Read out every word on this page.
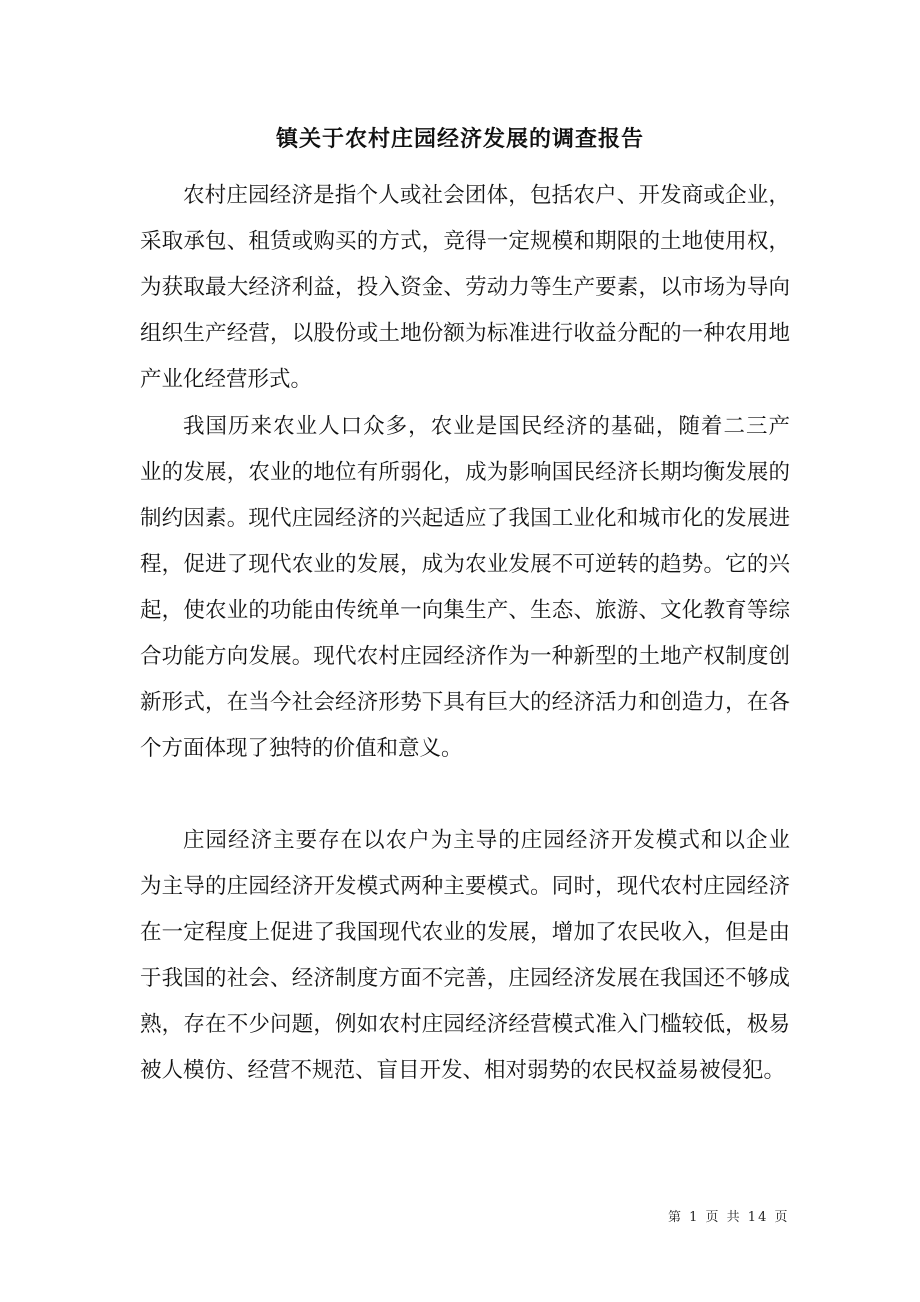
镇关于农村庄园经济发展的调查报告
农村庄园经济是指个人或社会团体，包括农户、开发商或企业，
采取承包、租赁或购买的方式，竞得一定规模和期限的土地使用权，
为获取最大经济利益，投入资金、劳动力等生产要素，以市场为导向
组织生产经营，以股份或土地份额为标准进行收益分配的一种农用地
产业化经营形式。
我国历来农业人口众多，农业是国民经济的基础，随着二三产
业的发展，农业的地位有所弱化，成为影响国民经济长期均衡发展的
制约因素。现代庄园经济的兴起适应了我国工业化和城市化的发展进
程，促进了现代农业的发展，成为农业发展不可逆转的趋势。它的兴
起，使农业的功能由传统单一向集生产、生态、旅游、文化教育等综
合功能方向发展。现代农村庄园经济作为一种新型的土地产权制度创
新形式，在当今社会经济形势下具有巨大的经济活力和创造力，在各
个方面体现了独特的价值和意义。
庄园经济主要存在以农户为主导的庄园经济开发模式和以企业
为主导的庄园经济开发模式两种主要模式。同时，现代农村庄园经济
在一定程度上促进了我国现代农业的发展，增加了农民收入，但是由
于我国的社会、经济制度方面不完善，庄园经济发展在我国还不够成
熟，存在不少问题，例如农村庄园经济经营模式准入门槛较低，极易
被人模仿、经营不规范、盲目开发、相对弱势的农民权益易被侵犯。
第 1 页 共 14 页
